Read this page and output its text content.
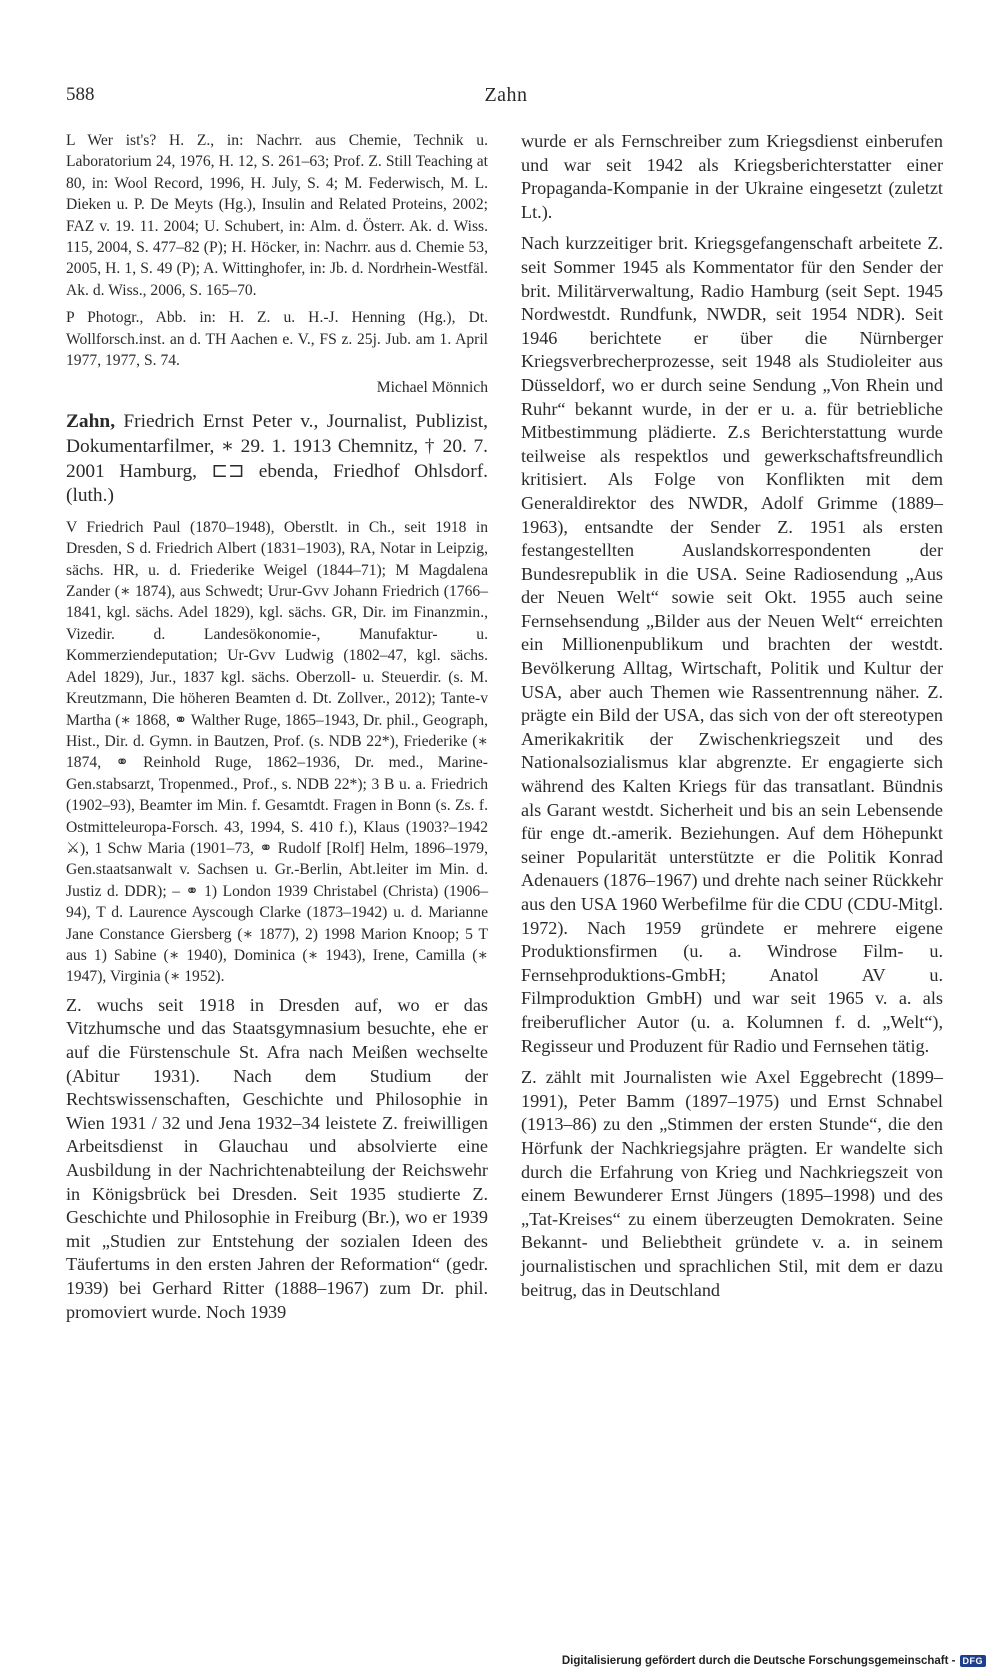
588	Zahn

L Wer ist's? H. Z., in: Nachrr. aus Chemie, Technik u. Laboratorium 24, 1976, H. 12, S. 261–63; Prof. Z. Still Teaching at 80, in: Wool Record, 1996, H. July, S. 4; M. Federwisch, M. L. Dieken u. P. De Meyts (Hg.), Insulin and Related Proteins, 2002; FAZ v. 19. 11. 2004; U. Schubert, in: Alm. d. Österr. Ak. d. Wiss. 115, 2004, S. 477–82 (P); H. Höcker, in: Nachrr. aus d. Chemie 53, 2005, H. 1, S. 49 (P); A. Wittinghofer, in: Jb. d. Nordrhein-Westfäl. Ak. d. Wiss., 2006, S. 165–70.

P Photogr., Abb. in: H. Z. u. H.-J. Henning (Hg.), Dt. Wollforsch.inst. an d. TH Aachen e. V., FS z. 25j. Jub. am 1. April 1977, 1977, S. 74.

Michael Mönnich

Zahn, Friedrich Ernst Peter v., Journalist, Publizist, Dokumentarfilmer, ∗ 29. 1. 1913 Chemnitz, † 20. 7. 2001 Hamburg, ⊏⊐ ebenda, Friedhof Ohlsdorf. (luth.)

V Friedrich Paul (1870–1948), Oberstlt. in Ch., seit 1918 in Dresden, S d. Friedrich Albert (1831–1903), RA, Notar in Leipzig, sächs. HR, u. d. Friederike Weigel (1844–71); M Magdalena Zander (∗ 1874), aus Schwedt; Urur-Gvv Johann Friedrich (1766–1841, kgl. sächs. Adel 1829), kgl. sächs. GR, Dir. im Finanzmin., Vizedir. d. Landesökonomie-, Manufaktur- u. Kommerziendeputation; Ur-Gvv Ludwig (1802–47, kgl. sächs. Adel 1829), Jur., 1837 kgl. sächs. Oberzoll- u. Steuerdir. (s. M. Kreutzmann, Die höheren Beamten d. Dt. Zollver., 2012); Tante-v Martha (∗ 1868, ⚭ Walther Ruge, 1865–1943, Dr. phil., Geograph, Hist., Dir. d. Gymn. in Bautzen, Prof. (s. NDB 22*), Friederike (∗ 1874, ⚭ Reinhold Ruge, 1862–1936, Dr. med., Marine-Gen.stabsarzt, Tropenmed., Prof., s. NDB 22*); 3 B u. a. Friedrich (1902–93), Beamter im Min. f. Gesamtdt. Fragen in Bonn (s. Zs. f. Ostmitteleuropa-Forsch. 43, 1994, S. 410 f.), Klaus (1903?–1942 ⚔), 1 Schw Maria (1901–73, ⚭ Rudolf [Rolf] Helm, 1896–1979, Gen.staatsanwalt v. Sachsen u. Gr.-Berlin, Abt.leiter im Min. d. Justiz d. DDR); – ⚭ 1) London 1939 Christabel (Christa) (1906–94), T d. Laurence Ayscough Clarke (1873–1942) u. d. Marianne Jane Constance Giersberg (∗ 1877), 2) 1998 Marion Knoop; 5 T aus 1) Sabine (∗ 1940), Dominica (∗ 1943), Irene, Camilla (∗ 1947), Virginia (∗ 1952).

Z. wuchs seit 1918 in Dresden auf, wo er das Vitzhumsche und das Staatsgymnasium besuchte, ehe er auf die Fürstenschule St. Afra nach Meißen wechselte (Abitur 1931). Nach dem Studium der Rechtswissenschaften, Geschichte und Philosophie in Wien 1931 / 32 und Jena 1932–34 leistete Z. freiwilligen Arbeitsdienst in Glauchau und absolvierte eine Ausbildung in der Nachrichtenabteilung der Reichswehr in Königsbrück bei Dresden. Seit 1935 studierte Z. Geschichte und Philosophie in Freiburg (Br.), wo er 1939 mit „Studien zur Entstehung der sozialen Ideen des Täufertums in den ersten Jahren der Reformation“ (gedr. 1939) bei Gerhard Ritter (1888–1967) zum Dr. phil. promoviert wurde. Noch 1939

wurde er als Fernschreiber zum Kriegsdienst einberufen und war seit 1942 als Kriegsberichterstatter einer Propaganda-Kompanie in der Ukraine eingesetzt (zuletzt Lt.).

Nach kurzzeitiger brit. Kriegsgefangenschaft arbeitete Z. seit Sommer 1945 als Kommentator für den Sender der brit. Militärverwaltung, Radio Hamburg (seit Sept. 1945 Nordwestdt. Rundfunk, NWDR, seit 1954 NDR). Seit 1946 berichtete er über die Nürnberger Kriegsverbrecherprozesse, seit 1948 als Studioleiter aus Düsseldorf, wo er durch seine Sendung „Von Rhein und Ruhr“ bekannt wurde, in der er u. a. für betriebliche Mitbestimmung plädierte. Z.s Berichterstattung wurde teilweise als respektlos und gewerkschaftsfreundlich kritisiert. Als Folge von Konflikten mit dem Generaldirektor des NWDR, Adolf Grimme (1889–1963), entsandte der Sender Z. 1951 als ersten festangestellten Auslandskorrespondenten der Bundesrepublik in die USA. Seine Radiosendung „Aus der Neuen Welt“ sowie seit Okt. 1955 auch seine Fernsehsendung „Bilder aus der Neuen Welt“ erreichten ein Millionenpublikum und brachten der westdt. Bevölkerung Alltag, Wirtschaft, Politik und Kultur der USA, aber auch Themen wie Rassentrennung näher. Z. prägte ein Bild der USA, das sich von der oft stereotypen Amerikakritik der Zwischenkriegszeit und des Nationalsozialismus klar abgrenzte. Er engagierte sich während des Kalten Kriegs für das transatlant. Bündnis als Garant westdt. Sicherheit und bis an sein Lebensende für enge dt.-amerik. Beziehungen. Auf dem Höhepunkt seiner Popularität unterstützte er die Politik Konrad Adenauers (1876–1967) und drehte nach seiner Rückkehr aus den USA 1960 Werbefilme für die CDU (CDU-Mitgl. 1972). Nach 1959 gründete er mehrere eigene Produktionsfirmen (u. a. Windrose Film- u. Fernsehproduktions-GmbH; Anatol AV u. Filmproduktion GmbH) und war seit 1965 v. a. als freiberuflicher Autor (u. a. Kolumnen f. d. „Welt“), Regisseur und Produzent für Radio und Fernsehen tätig.

Z. zählt mit Journalisten wie Axel Eggebrecht (1899–1991), Peter Bamm (1897–1975) und Ernst Schnabel (1913–86) zu den „Stimmen der ersten Stunde“, die den Hörfunk der Nachkriegsjahre prägten. Er wandelte sich durch die Erfahrung von Krieg und Nachkriegszeit von einem Bewunderer Ernst Jüngers (1895–1998) und des „Tat-Kreises“ zu einem überzeugten Demokraten. Seine Bekannt- und Beliebtheit gründete v. a. in seinem journalistischen und sprachlichen Stil, mit dem er dazu beitrug, das in Deutschland

Digitalisierung gefördert durch die Deutsche Forschungsgemeinschaft - DFG
